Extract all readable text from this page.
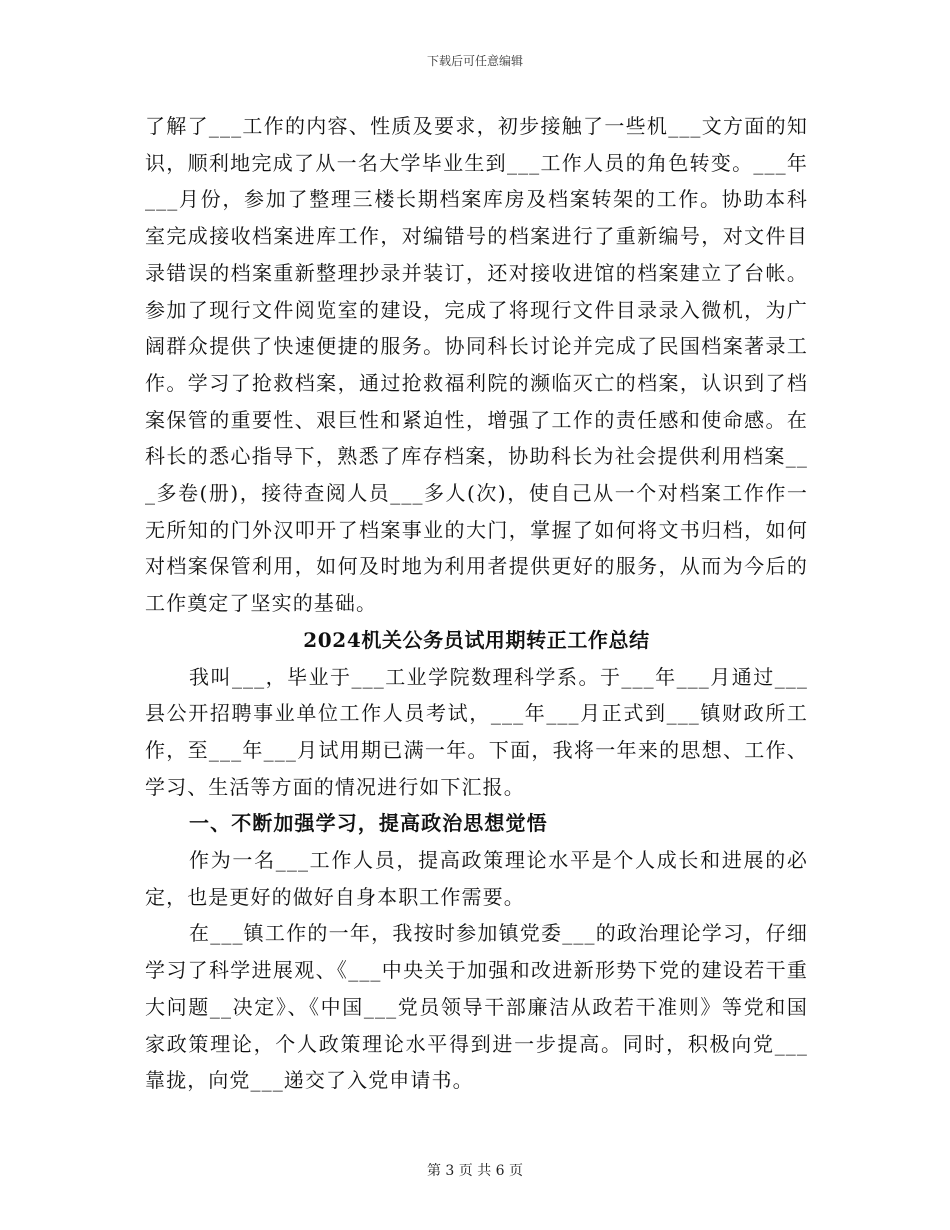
下载后可任意编辑

了解了___工作的内容、性质及要求，初步接触了一些机___文方面的知识，顺利地完成了从一名大学毕业生到___工作人员的角色转变。___年___月份，参加了整理三楼长期档案库房及档案转架的工作。协助本科室完成接收档案进库工作，对编错号的档案进行了重新编号，对文件目录错误的档案重新整理抄录并装订，还对接收进馆的档案建立了台帐。参加了现行文件阅览室的建设，完成了将现行文件目录录入微机，为广阔群众提供了快速便捷的服务。协同科长讨论并完成了民国档案著录工作。学习了抢救档案，通过抢救福利院的濒临灭亡的档案，认识到了档案保管的重要性、艰巨性和紧迫性，增强了工作的责任感和使命感。在科长的悉心指导下，熟悉了库存档案，协助科长为社会提供利用档案___多卷(册)，接待查阅人员___多人(次)，使自己从一个对档案工作作一无所知的门外汉叩开了档案事业的大门，掌握了如何将文书归档，如何对档案保管利用，如何及时地为利用者提供更好的服务，从而为今后的工作奠定了坚实的基础。

2024机关公务员试用期转正工作总结

我叫___，毕业于___工业学院数理科学系。于___年___月通过___县公开招聘事业单位工作人员考试，___年___月正式到___镇财政所工作，至___年___月试用期已满一年。下面，我将一年来的思想、工作、学习、生活等方面的情况进行如下汇报。

一、不断加强学习，提高政治思想觉悟

作为一名___工作人员，提高政策理论水平是个人成长和进展的必定，也是更好的做好自身本职工作需要。

在___镇工作的一年，我按时参加镇党委___的政治理论学习，仔细学习了科学进展观、《___中央关于加强和改进新形势下党的建设若干重大问题__决定》、《中国___党员领导干部廉洁从政若干准则》等党和国家政策理论，个人政策理论水平得到进一步提高。同时，积极向党___靠拢，向党___递交了入党申请书。

第 3 页 共 6 页
